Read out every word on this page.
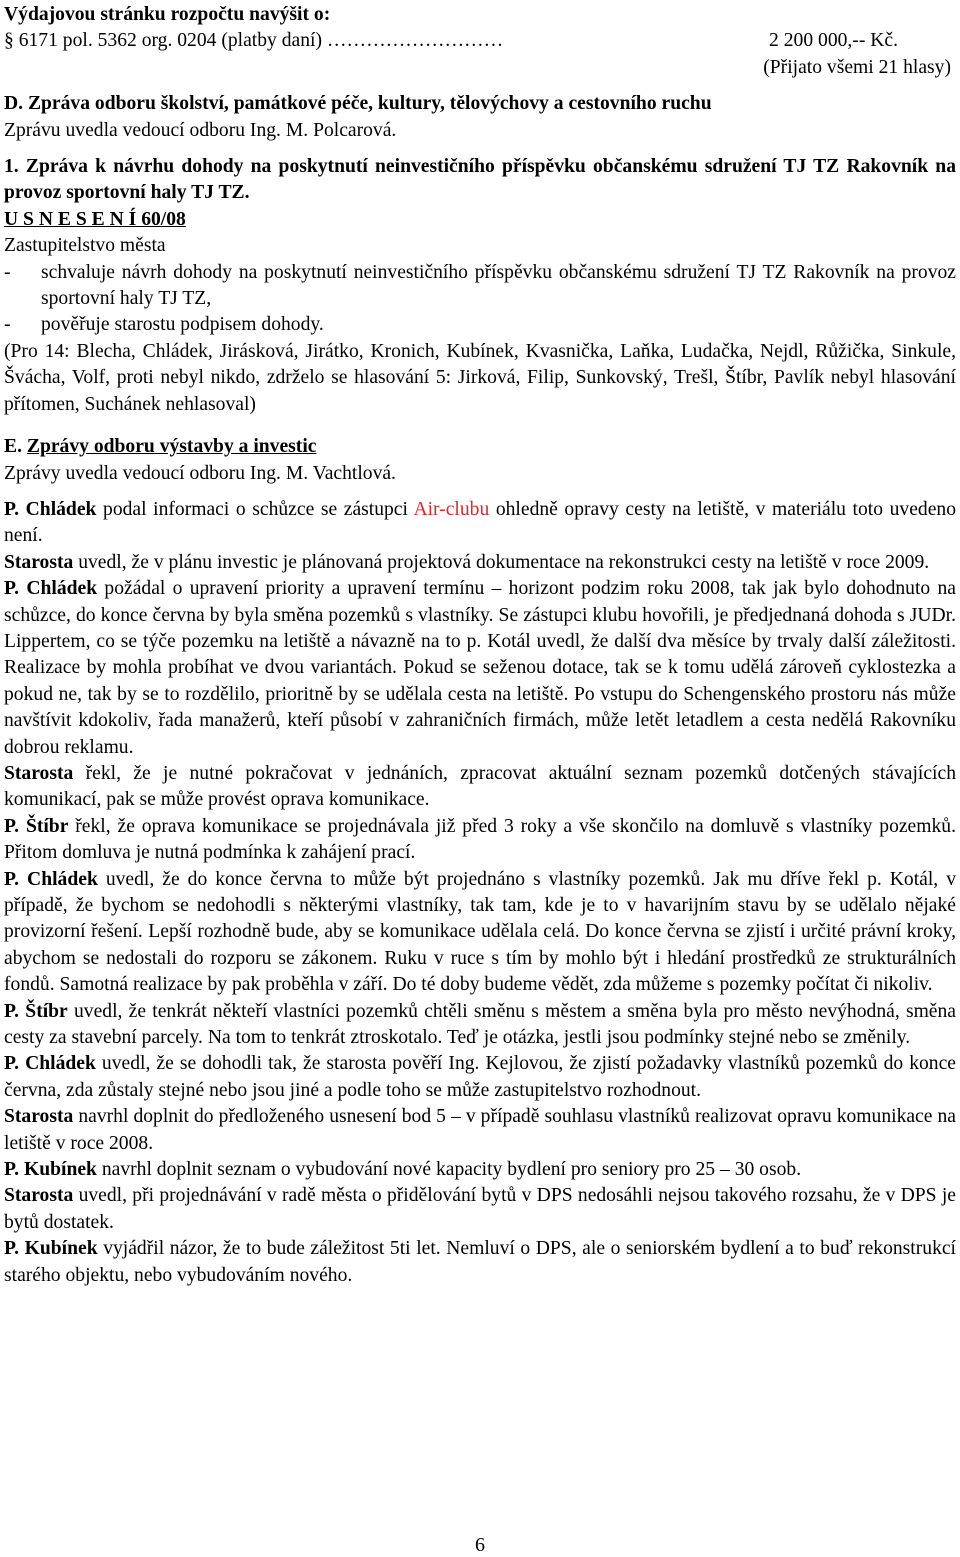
Výdajovou stránku rozpočtu navýšit o:
§ 6171 pol. 5362 org. 0204 (platby daní) ………………………	2 200 000,-- Kč.
(Přijato všemi 21 hlasy)
D. Zpráva odboru školství, památkové péče, kultury, tělovýchovy a cestovního ruchu
Zprávu uvedla vedoucí odboru Ing. M. Polcarová.

1. Zpráva k návrhu dohody na poskytnutí neinvestičního příspěvku občanskému sdružení TJ TZ Rakovník na provoz sportovní haly TJ TZ.

U S N E S E N Í 60/08
Zastupitelstvo města
-	schvaluje návrh dohody na poskytnutí neinvestičního příspěvku občanskému sdružení TJ TZ Rakovník na provoz sportovní haly TJ TZ,
-	pověřuje starostu podpisem dohody.

(Pro 14: Blecha, Chládek, Jirásková, Jirátko, Kronich, Kubínek, Kvasnička, Laňka, Ludačka, Nejdl, Růžička, Sinkule, Švácha, Volf, proti nebyl nikdo, zdrželo se hlasování 5: Jirková, Filip, Sunkovský, Trešl, Štíbr, Pavlík nebyl hlasování přítomen, Suchánek nehlasoval)

E. Zprávy odboru výstavby a investic
Zprávy uvedla vedoucí odboru Ing. M. Vachtlová.

P. Chládek podal informaci o schůzce se zástupci Air-clubu ohledně opravy cesty na letiště, v materiálu toto uvedeno není.

Starosta uvedl, že v plánu investic je plánovaná projektová dokumentace na rekonstrukci cesty na letiště v roce 2009.

P. Chládek požádal o upravení priority a upravení termínu – horizont podzim roku 2008, tak jak bylo dohodnuto na schůzce, do konce června by byla směna pozemků s vlastníky. Se zástupci klubu hovořili, je předjednaná dohoda s JUDr. Lippertem, co se týče pozemku na letiště a návazně na to p. Kotál uvedl, že další dva měsíce by trvaly další záležitosti. Realizace by mohla probíhat ve dvou variantách. Pokud se seženou dotace, tak se k tomu udělá zároveň cyklostezka a pokud ne, tak by se to rozdělilo, prioritně by se udělala cesta na letiště. Po vstupu do Schengenského prostoru nás může navštívit kdokoliv, řada manažerů, kteří působí v zahraničních firmách, může letět letadlem a cesta nedělá Rakovníku dobrou reklamu.

Starosta řekl, že je nutné pokračovat v jednáních, zpracovat aktuální seznam pozemků dotčených stávajících komunikací, pak se může provést oprava komunikace.

P. Štíbr řekl, že oprava komunikace se projednávala již před 3 roky a vše skončilo na domluvě s vlastníky pozemků. Přitom domluva je nutná podmínka k zahájení prací.

P. Chládek uvedl, že do konce června to může být projednáno s vlastníky pozemků. Jak mu dříve řekl p. Kotál, v případě, že bychom se nedohodli s některými vlastníky, tak tam, kde je to v havarijním stavu by se udělalo nějaké provizorní řešení. Lepší rozhodně bude, aby se komunikace udělala celá. Do konce června se zjistí i určité právní kroky, abychom se nedostali do rozporu se zákonem. Ruku v ruce s tím by mohlo být i hledání prostředků ze strukturálních fondů. Samotná realizace by pak proběhla v září. Do té doby budeme vědět, zda můžeme s pozemky počítat či nikoliv.

P. Štíbr uvedl, že tenkrát někteří vlastníci pozemků chtěli směnu s městem a směna byla pro město nevýhodná, směna cesty za stavební parcely. Na tom to tenkrát ztroskotalo. Teď je otázka, jestli jsou podmínky stejné nebo se změnily.

P. Chládek uvedl, že se dohodli tak, že starosta pověří Ing. Kejlovou, že zjistí požadavky vlastníků pozemků do konce června, zda zůstaly stejné nebo jsou jiné a podle toho se může zastupitelstvo rozhodnout.

Starosta navrhl doplnit do předloženého usnesení bod 5 – v případě souhlasu vlastníků realizovat opravu komunikace na letiště v roce 2008.

P. Kubínek navrhl doplnit seznam o vybudování nové kapacity bydlení pro seniory pro 25 – 30 osob.

Starosta uvedl, při projednávání v radě města o přidělování bytů v DPS nedosáhli nejsou takového rozsahu, že v DPS je bytů dostatek.

P. Kubínek vyjádřil názor, že to bude záležitost 5ti let. Nemluví o DPS, ale o seniorském bydlení a to buď rekonstrukcí starého objektu, nebo vybudováním nového.

6
